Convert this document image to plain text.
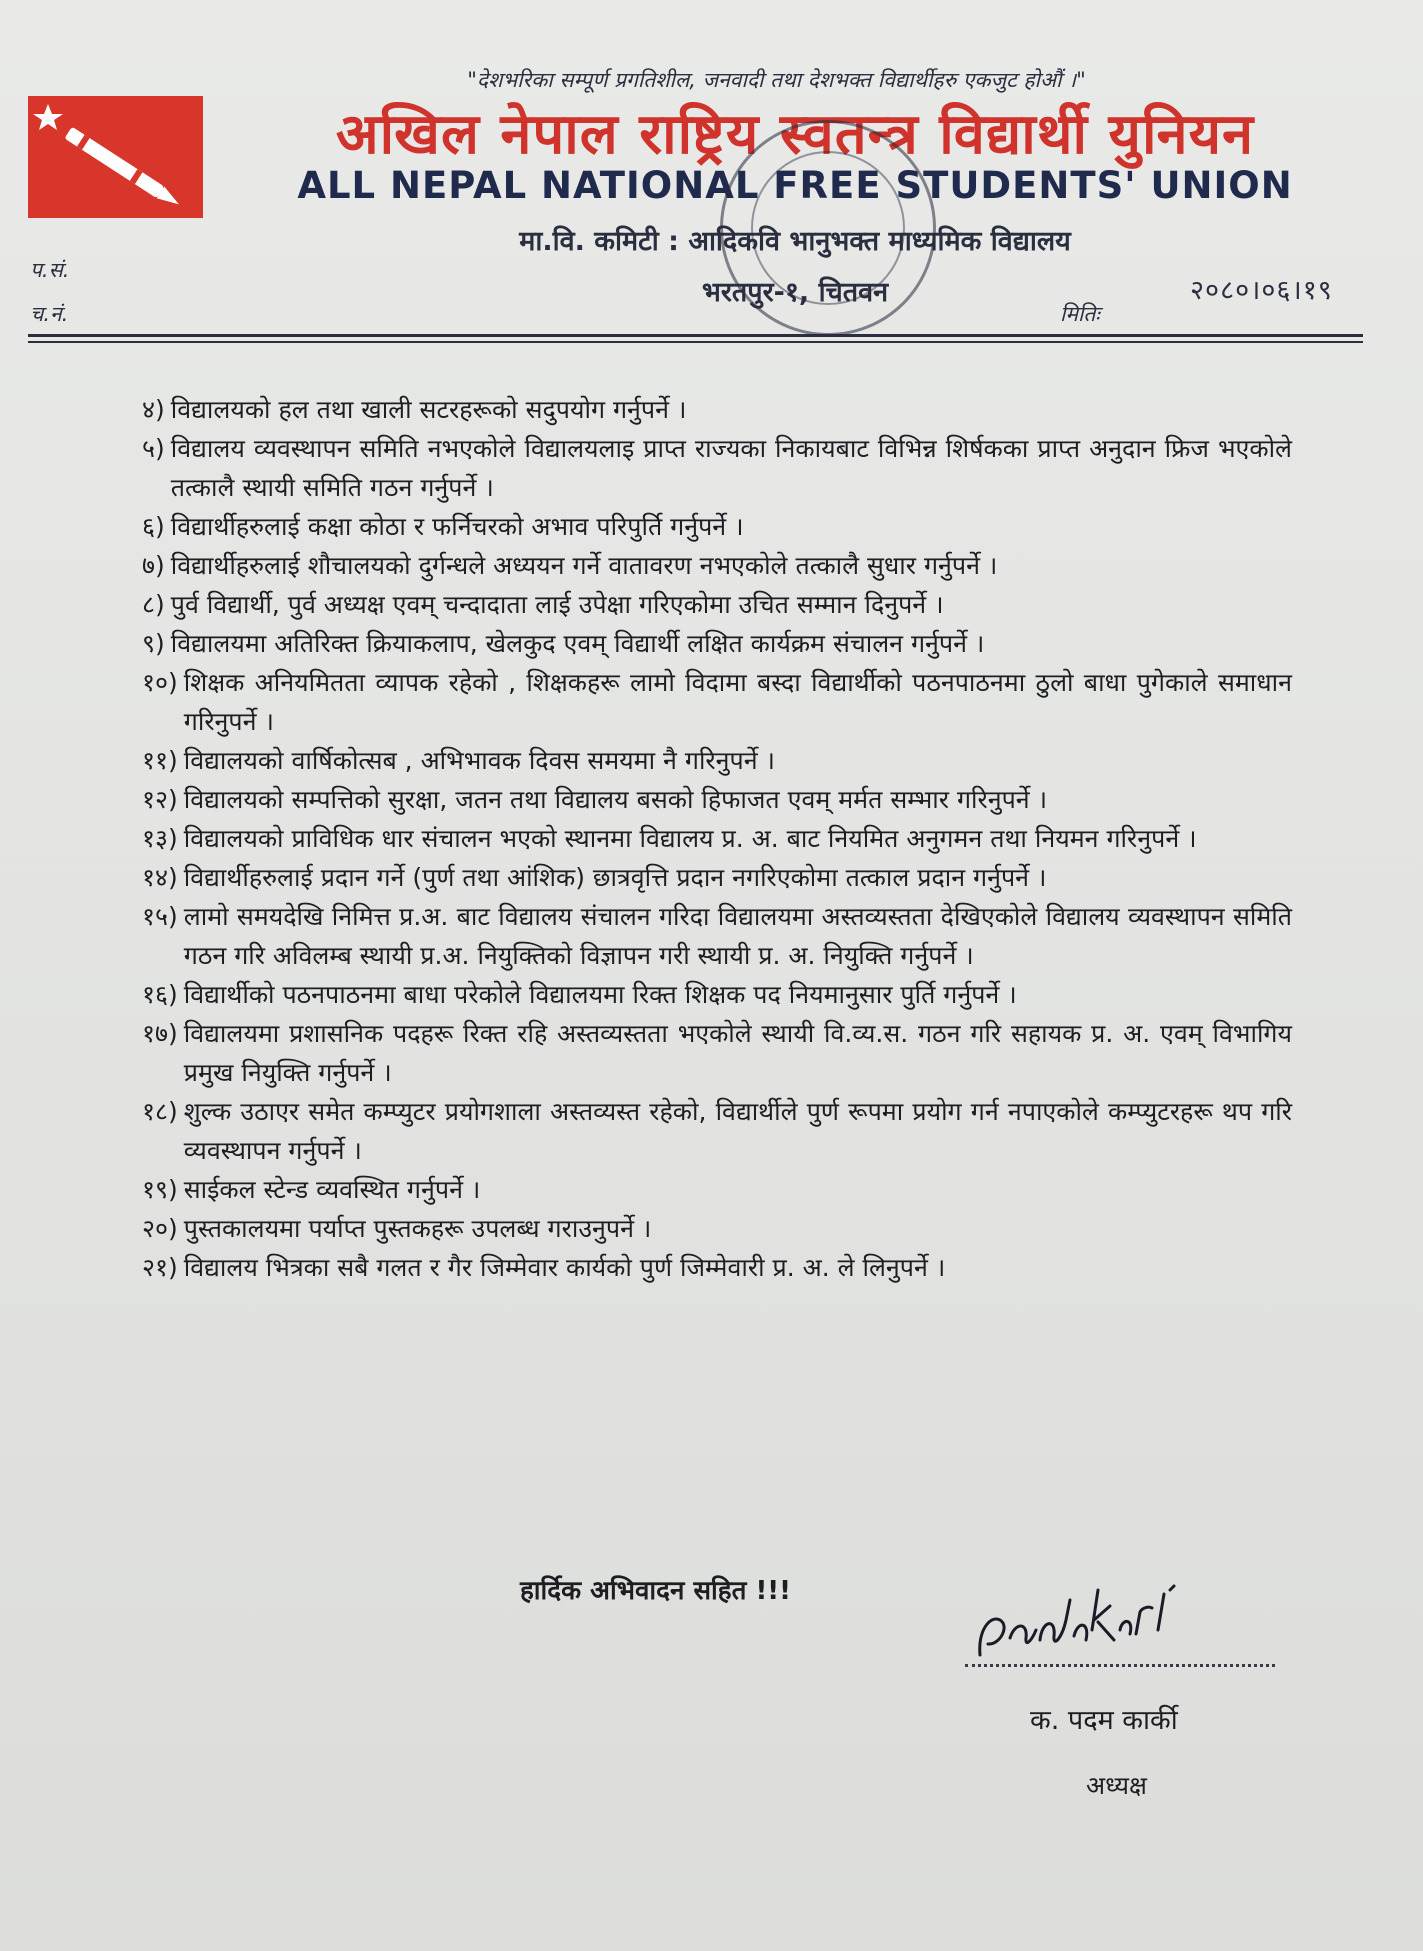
"देशभरिका सम्पूर्ण प्रगतिशील, जनवादी तथा देशभक्त विद्यार्थीहरु एकजुट होऔं ।"
अखिल नेपाल राष्ट्रिय स्वतन्त्र विद्यार्थी युनियन
ALL NEPAL NATIONAL FREE STUDENTS' UNION
मा.वि. कमिटी : आदिकवि भानुभक्त माध्यमिक विद्यालय
भरतपुर-१, चितवन
प.सं.
च.नं.	मितिः
२०८०।०६।१९
४) विद्यालयको हल तथा खाली सटरहरूको सदुपयोग गर्नुपर्ने ।
५) विद्यालय व्यवस्थापन समिति नभएकोले विद्यालयलाइ प्राप्त राज्यका निकायबाट विभिन्न शिर्षकका प्राप्त अनुदान फ्रिज भएकोले तत्कालै स्थायी समिति गठन गर्नुपर्ने ।
६) विद्यार्थीहरुलाई कक्षा कोठा र फर्निचरको अभाव परिपुर्ति गर्नुपर्ने ।
७) विद्यार्थीहरुलाई शौचालयको दुर्गन्धले अध्ययन गर्ने वातावरण नभएकोले तत्कालै सुधार गर्नुपर्ने ।
८) पुर्व विद्यार्थी, पुर्व अध्यक्ष एवम् चन्दादाता लाई उपेक्षा गरिएकोमा उचित सम्मान दिनुपर्ने ।
९) विद्यालयमा अतिरिक्त क्रियाकलाप, खेलकुद एवम् विद्यार्थी लक्षित कार्यक्रम संचालन गर्नुपर्ने ।
१०) शिक्षक अनियमितता व्यापक रहेको , शिक्षकहरू लामो विदामा बस्दा विद्यार्थीको पठनपाठनमा ठुलो बाधा पुगेकाले समाधान गरिनुपर्ने ।
११) विद्यालयको वार्षिकोत्सब , अभिभावक दिवस समयमा नै गरिनुपर्ने ।
१२) विद्यालयको सम्पत्तिको सुरक्षा, जतन तथा विद्यालय बसको हिफाजत एवम् मर्मत सम्भार गरिनुपर्ने ।
१३) विद्यालयको प्राविधिक धार संचालन भएको स्थानमा विद्यालय प्र. अ. बाट नियमित अनुगमन तथा नियमन गरिनुपर्ने ।
१४) विद्यार्थीहरुलाई प्रदान गर्ने (पुर्ण तथा आंशिक) छात्रवृत्ति प्रदान नगरिएकोमा तत्काल प्रदान गर्नुपर्ने ।
१५) लामो समयदेखि निमित्त प्र.अ. बाट विद्यालय संचालन गरिदा विद्यालयमा अस्तव्यस्तता देखिएकोले विद्यालय व्यवस्थापन समिति गठन गरि अविलम्ब स्थायी प्र.अ. नियुक्तिको विज्ञापन गरी स्थायी प्र. अ. नियुक्ति गर्नुपर्ने ।
१६) विद्यार्थीको पठनपाठनमा बाधा परेकोले विद्यालयमा रिक्त शिक्षक पद नियमानुसार पुर्ति गर्नुपर्ने ।
१७) विद्यालयमा प्रशासनिक पदहरू रिक्त रहि अस्तव्यस्तता भएकोले स्थायी वि.व्य.स. गठन गरि सहायक प्र. अ. एवम् विभागिय प्रमुख नियुक्ति गर्नुपर्ने ।
१८) शुल्क उठाएर समेत कम्प्युटर प्रयोगशाला अस्तव्यस्त रहेको, विद्यार्थीले पुर्ण रूपमा प्रयोग गर्न नपाएकोले कम्प्युटरहरू थप गरि व्यवस्थापन गर्नुपर्ने ।
१९) साईकल स्टेन्ड व्यवस्थित गर्नुपर्ने ।
२०) पुस्तकालयमा पर्याप्त पुस्तकहरू उपलब्ध गराउनुपर्ने ।
२१) विद्यालय भित्रका सबै गलत र गैर जिम्मेवार कार्यको पुर्ण जिम्मेवारी प्र. अ. ले लिनुपर्ने ।
हार्दिक अभिवादन सहित !!!
क. पदम कार्की
अध्यक्ष
